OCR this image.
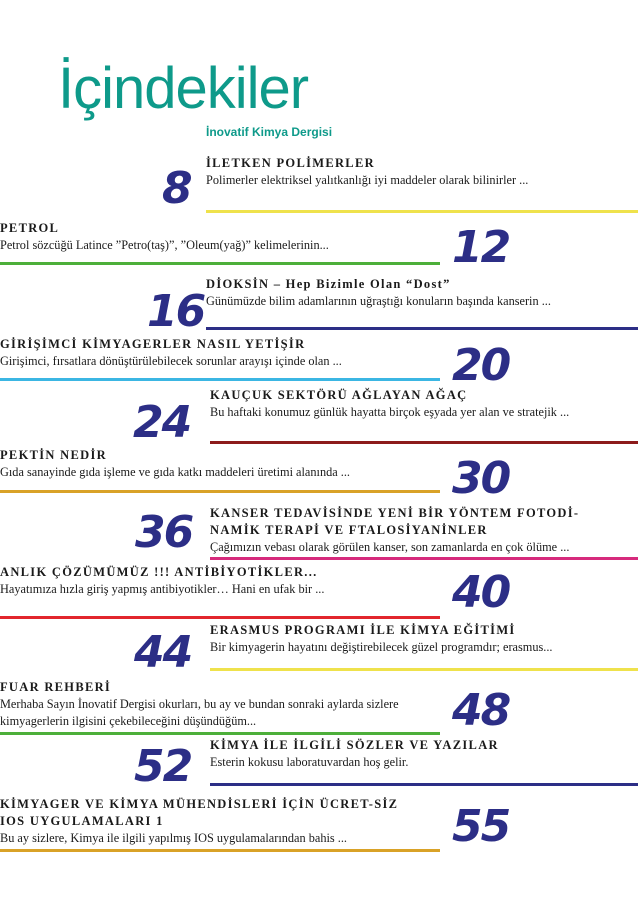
İçindekiler
İnovatif Kimya Dergisi
8 İLETKEN POLİMERLER
Polimerler elektriksel yalıtkanlığı iyi maddeler olarak bilinirler ...
PETROL
Petrol sözcüğü Latince ”Petro(taş)”, ”Oleum(yağ)” kelimelerinin...	12
16
DİOKSİN – Hep Bizimle Olan “Dost”
Günümüzde bilim adamlarının uğraştığı konuların başında kanserin ...
GİRİŞİMCİ KİMYAGERLER NASIL YETİŞİR
Girişimci, fırsatlara dönüştürülebilecek sorunlar arayışı içinde olan ...	20
24
KAUÇUK SEKTÖRÜ AĞLAYAN AĞAÇ
Bu haftaki konumuz günlük hayatta birçok eşyada yer alan ve stratejik ...
PEKTİN NEDİR
Gıda sanayinde gıda işleme ve gıda katkı maddeleri üretimi alanında ... 30
36 KANSER TEDAVİSİNDE YENİ BİR YÖNTEM FOTODİ-NAMİK TERAPİ VE FTALOSİYANİNLER
Çağımızın vebası olarak görülen kanser, son zamanlarda en çok ölüme ...
ANLIK ÇÖZÜMÜMÜZ !!! ANTİBİYOTİKLER...
Hayatımıza hızla giriş yapmış antibiyotikler… Hani en ufak bir ...	40
44 ERASMUS PROGRAMI İLE KİMYA EĞİTİMİ
Bir kimyagerin hayatını değiştirebilecek güzel programdır; erasmus...
FUAR REHBERİ
Merhaba Sayın İnovatif Dergisi okurları, bu ay ve bundan sonraki aylarda sizlere kimyagerlerin ilgisini çekebileceğini düşündüğüm...	48
52 KİMYA İLE İLGİLİ SÖZLER VE YAZILAR
Esterin kokusu laboratuvardan hoş gelir.
KİMYAGER VE KİMYA MÜHENDİSLERİ İÇİN ÜCRET-SİZ IOS UYGULAMALARI 1
Bu ay sizlere, Kimya ile ilgili yapılmış IOS uygulamalarından bahis ...	55
